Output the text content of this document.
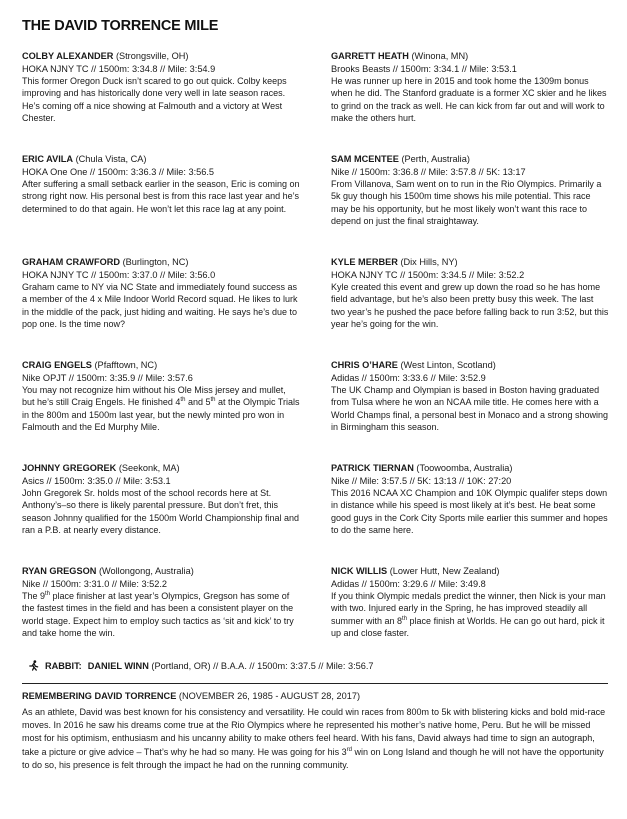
THE DAVID TORRENCE MILE
COLBY ALEXANDER (Strongsville, OH)
HOKA NJNY TC // 1500m: 3:34.8 // Mile: 3:54.9

This former Oregon Duck isn’t scared to go out quick. Colby keeps improving and has historically done very well in late season races. He’s coming off a nice showing at Falmouth and a victory at West Chester.

ERIC AVILA (Chula Vista, CA)
HOKA One One // 1500m: 3:36.3 // Mile: 3:56.5

After suffering a small setback earlier in the season, Eric is coming on strong right now. His personal best is from this race last year and he’s determined to do that again. He won’t let this race lag at any point.

GRAHAM CRAWFORD (Burlington, NC)
HOKA NJNY TC // 1500m: 3:37.0 // Mile: 3:56.0

Graham came to NY via NC State and immediately found success as a member of the 4 x Mile Indoor World Record squad. He likes to lurk in the middle of the pack, just hiding and waiting. He says he’s due to pop one. Is the time now?

CRAIG ENGELS (Pfafftown, NC)
Nike OPJT // 1500m: 3:35.9 // Mile: 3:57.6

You may not recognize him without his Ole Miss jersey and mullet, but he’s still Craig Engels. He finished 4th and 5th at the Olympic Trials in the 800m and 1500m last year, but the newly minted pro won in Falmouth and the Ed Murphy Mile.

JOHNNY GREGOREK (Seekonk, MA)
Asics // 1500m: 3:35.0 // Mile: 3:53.1

John Gregorek Sr. holds most of the school records here at St. Anthony’s–so there is likely parental pressure. But don’t fret, this season Johnny qualified for the 1500m World Championship final and ran a P.B. at nearly every distance.

RYAN GREGSON (Wollongong, Australia)
Nike // 1500m: 3:31.0 // Mile: 3:52.2

The 9th place finisher at last year’s Olympics, Gregson has some of the fastest times in the field and has been a consistent player on the world stage. Expect him to employ such tactics as ‘sit and kick’ to try and take home the win.

GARRETT HEATH (Winona, MN)
Brooks Beasts // 1500m: 3:34.1 // Mile: 3:53.1

He was runner up here in 2015 and took home the 1309m bonus when he did. The Stanford graduate is a former XC skier and he likes to grind on the track as well. He can kick from far out and will work to make the others hurt.

SAM MCENTEE (Perth, Australia)
Nike // 1500m: 3:36.8 // Mile: 3:57.8 // 5K: 13:17

From Villanova, Sam went on to run in the Rio Olympics. Primarily a 5k guy though his 1500m time shows his mile potential. This race may be his opportunity, but he most likely won’t want this race to depend on just the final straightaway.

KYLE MERBER (Dix Hills, NY)
HOKA NJNY TC // 1500m: 3:34.5 // Mile: 3:52.2

Kyle created this event and grew up down the road so he has home field advantage, but he’s also been pretty busy this week. The last two year’s he pushed the pace before falling back to run 3:52, but this year he’s going for the win.

CHRIS O’HARE (West Linton, Scotland)
Adidas // 1500m: 3:33.6 // Mile: 3:52.9

The UK Champ and Olympian is based in Boston having graduated from Tulsa where he won an NCAA mile title. He comes here with a World Champs final, a personal best in Monaco and a strong showing in Birmingham this season.

PATRICK TIERNAN (Toowoomba, Australia)
Nike // Mile: 3:57.5 // 5K: 13:13 // 10K: 27:20

This 2016 NCAA XC Champion and 10K Olympic qualifer steps down in distance while his speed is most likely at it’s best. He beat some good guys in the Cork City Sports mile earlier this summer and hopes to do the same here.

NICK WILLIS (Lower Hutt, New Zealand)
Adidas // 1500m: 3:29.6 // Mile: 3:49.8

If you think Olympic medals predict the winner, then Nick is your man with two. Injured early in the Spring, he has improved steadily all summer with an 8th place finish at Worlds. He can go out hard, pick it up and close faster.

RABBIT: DANIEL WINN (Portland, OR) // B.A.A. // 1500m: 3:37.5 // Mile: 3:56.7
REMEMBERING DAVID TORRENCE (NOVEMBER 26, 1985 - AUGUST 28, 2017)

As an athlete, David was best known for his consistency and versatility. He could win races from 800m to 5k with blistering kicks and bold mid-race moves. In 2016 he saw his dreams come true at the Rio Olympics where he represented his mother’s native home, Peru. But he will be missed most for his optimism, enthusiasm and his uncanny ability to make others feel heard. With his fans, David always had time to sign an autograph, take a picture or give advice – That’s why he had so many. He was going for his 3rd win on Long Island and though he will not have the opportunity to do so, his presence is felt through the impact he had on the running community.
